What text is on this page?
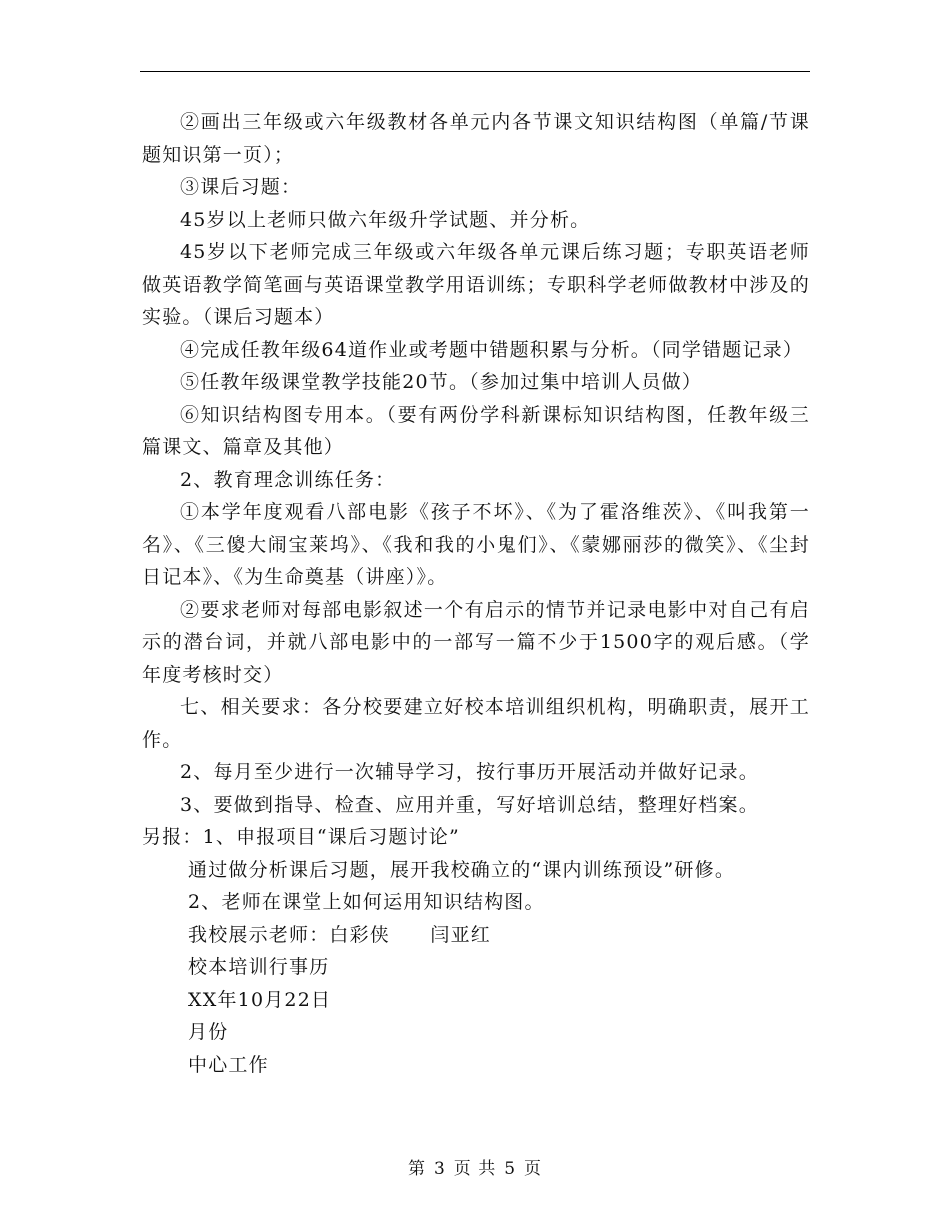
②画出三年级或六年级教材各单元内各节课文知识结构图（单篇/节课题知识第一页）；

③课后习题：

45岁以上老师只做六年级升学试题、并分析。

45岁以下老师完成三年级或六年级各单元课后练习题；专职英语老师做英语教学简笔画与英语课堂教学用语训练；专职科学老师做教材中涉及的实验。（课后习题本）

④完成任教年级64道作业或考题中错题积累与分析。（同学错题记录）

⑤任教年级课堂教学技能20节。（参加过集中培训人员做）

⑥知识结构图专用本。（要有两份学科新课标知识结构图，任教年级三篇课文、篇章及其他）

2、教育理念训练任务：

①本学年度观看八部电影《孩子不坏》、《为了霍洛维茨》、《叫我第一名》、《三傻大闹宝莱坞》、《我和我的小鬼们》、《蒙娜丽莎的微笑》、《尘封日记本》、《为生命奠基（讲座）》。

②要求老师对每部电影叙述一个有启示的情节并记录电影中对自己有启示的潜台词，并就八部电影中的一部写一篇不少于1500字的观后感。（学年度考核时交）

七、相关要求：各分校要建立好校本培训组织机构，明确职责，展开工作。

2、每月至少进行一次辅导学习，按行事历开展活动并做好记录。

3、要做到指导、检查、应用并重，写好培训总结，整理好档案。

另报：1、申报项目“课后习题讨论”

通过做分析课后习题，展开我校确立的“课内训练预设”研修。

2、老师在课堂上如何运用知识结构图。

我校展示老师：白彩侠　　闫亚红

校本培训行事历

XX年10月22日

月份

中心工作

第 3 页 共 5 页
